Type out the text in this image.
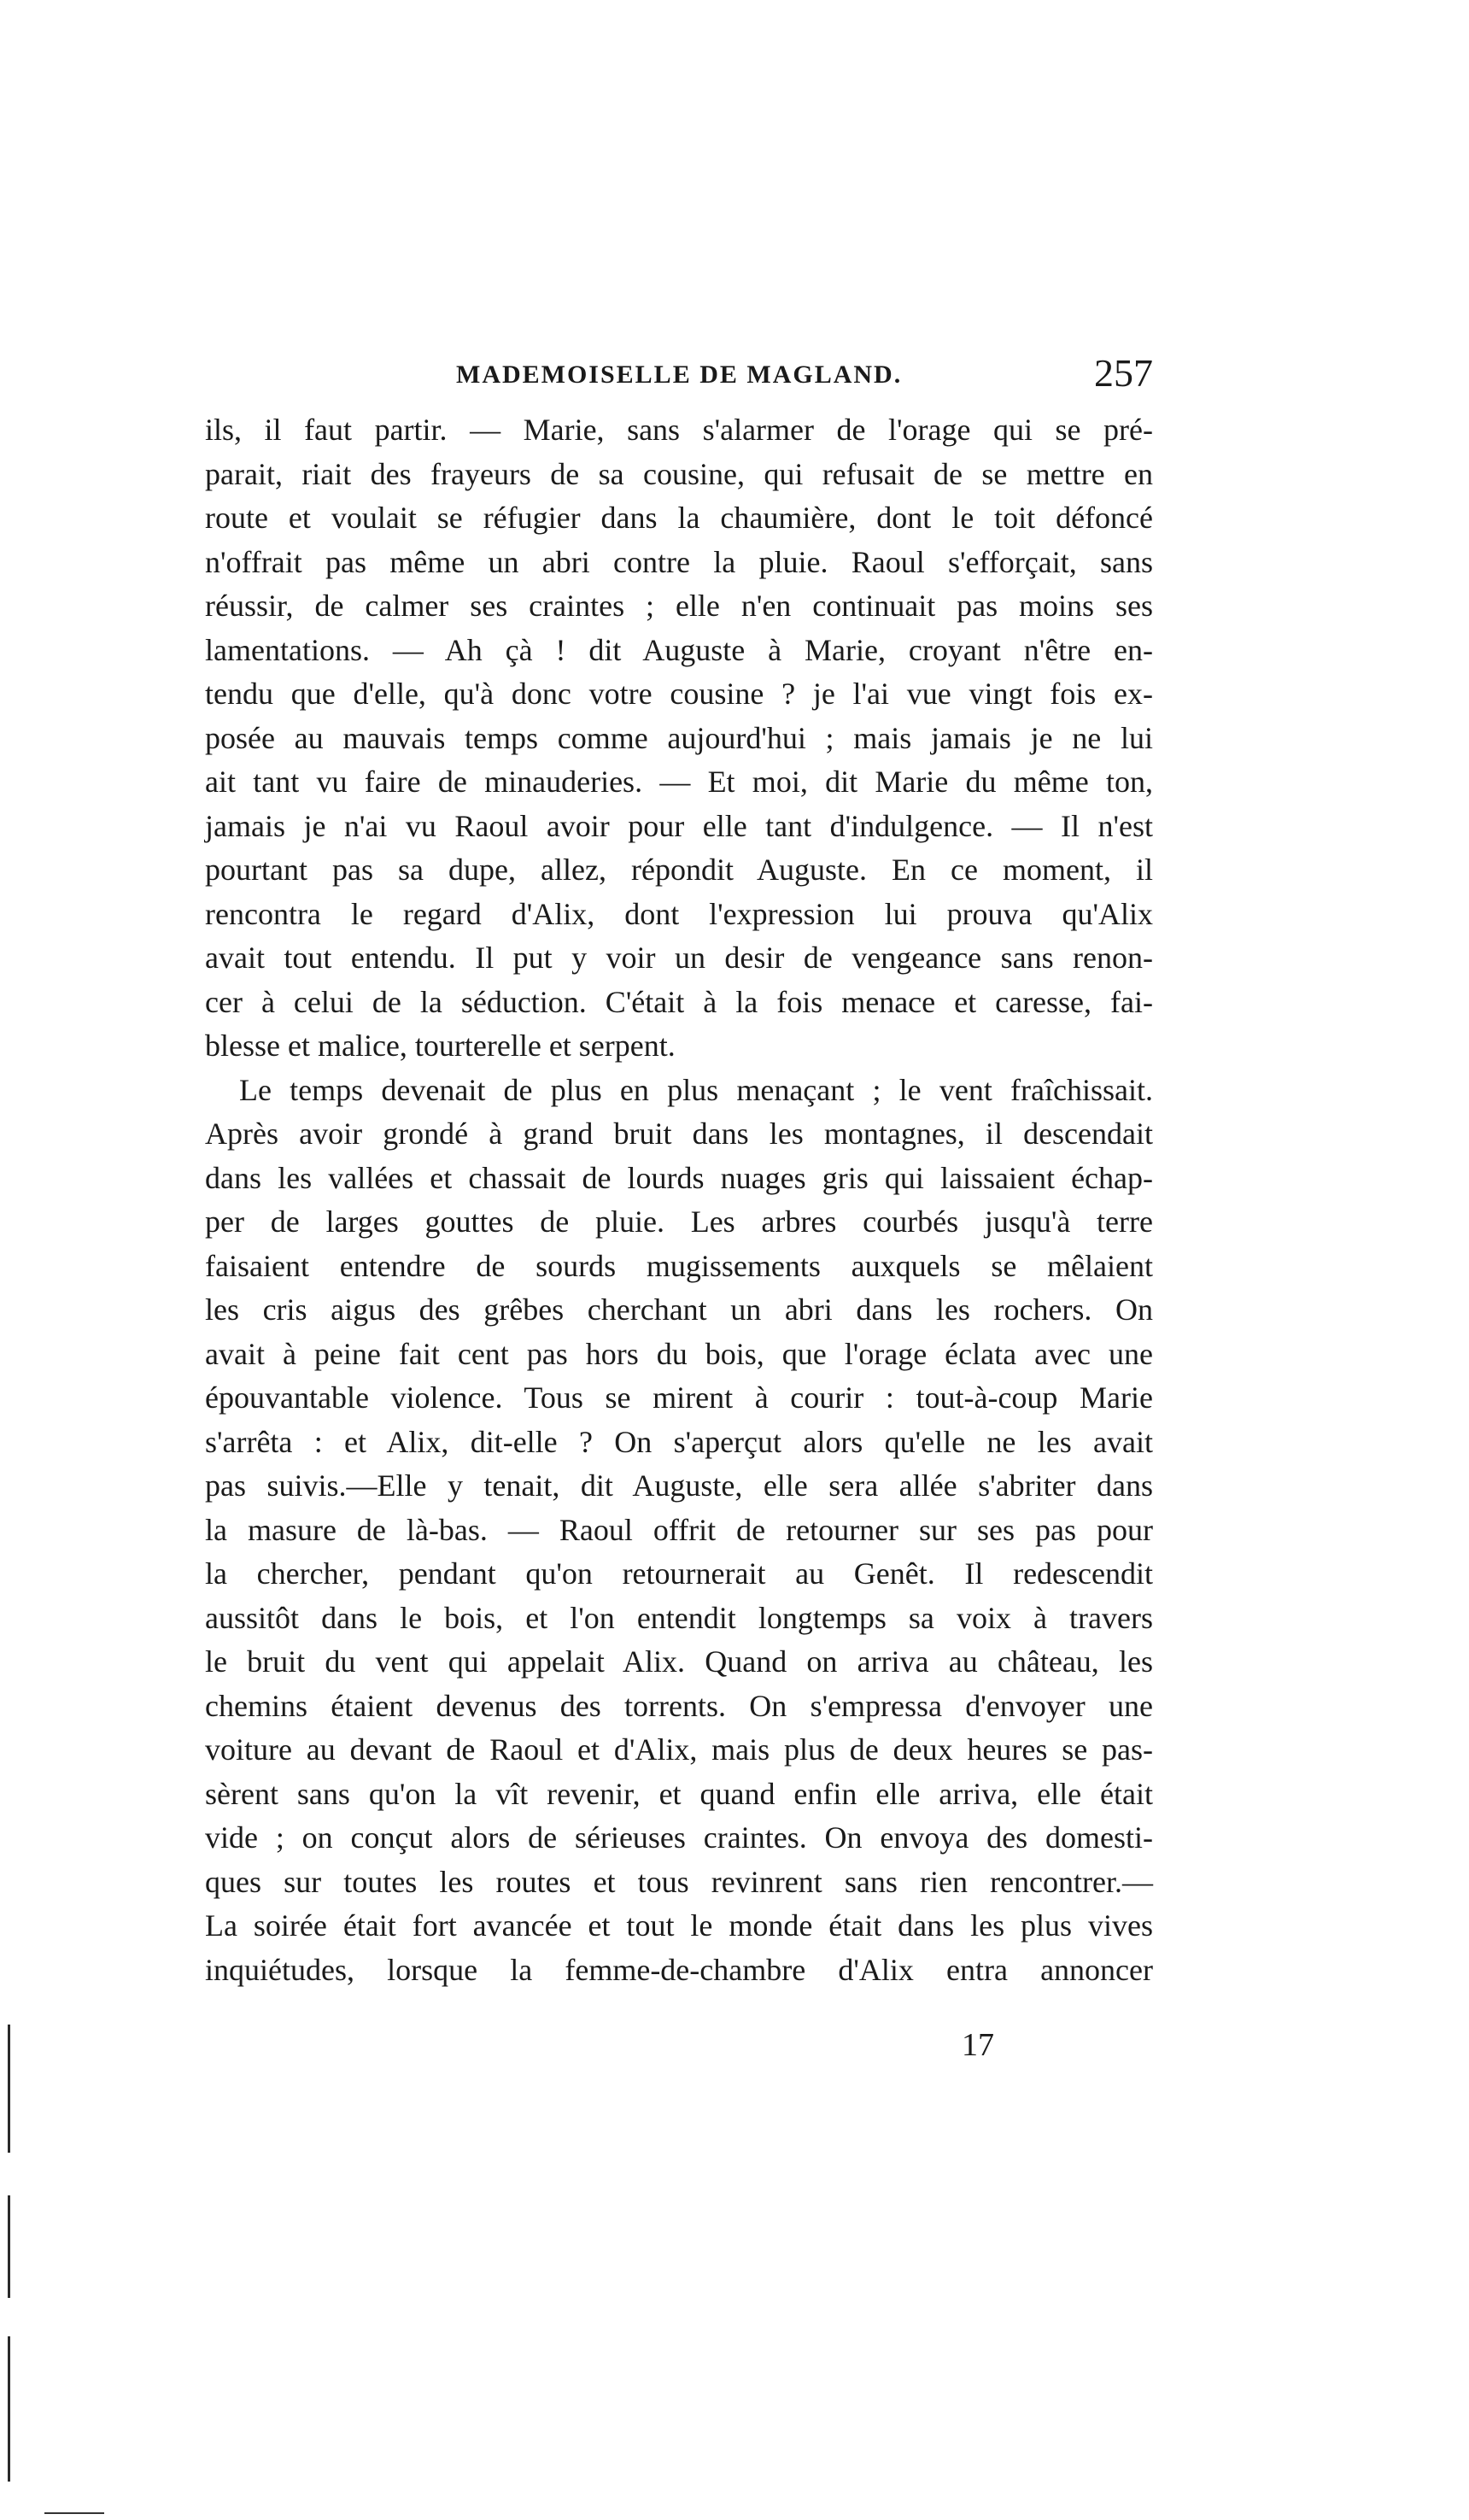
MADEMOISELLE DE MAGLAND.	257
ils, il faut partir. — Marie, sans s'alarmer de l'orage qui se pré-
parait, riait des frayeurs de sa cousine, qui refusait de se mettre en
route et voulait se réfugier dans la chaumière, dont le toit défoncé
n'offrait pas même un abri contre la pluie. Raoul s'efforçait, sans
réussir, de calmer ses craintes ; elle n'en continuait pas moins ses
lamentations. — Ah çà ! dit Auguste à Marie, croyant n'être en-
tendu que d'elle, qu'à donc votre cousine ? je l'ai vue vingt fois ex-
posée au mauvais temps comme aujourd'hui ; mais jamais je ne lui
ait tant vu faire de minauderies. — Et moi, dit Marie du même ton,
jamais je n'ai vu Raoul avoir pour elle tant d'indulgence. — Il n'est
pourtant pas sa dupe, allez, répondit Auguste. En ce moment, il
rencontra le regard d'Alix, dont l'expression lui prouva qu'Alix
avait tout entendu. Il put y voir un desir de vengeance sans renon-
cer à celui de la séduction. C'était à la fois menace et caresse, fai-
blesse et malice, tourterelle et serpent.
Le temps devenait de plus en plus menaçant ; le vent fraîchissait.
Après avoir grondé à grand bruit dans les montagnes, il descendait
dans les vallées et chassait de lourds nuages gris qui laissaient échap-
per de larges gouttes de pluie. Les arbres courbés jusqu'à terre
faisaient entendre de sourds mugissements auxquels se mêlaient
les cris aigus des grêbes cherchant un abri dans les rochers. On
avait à peine fait cent pas hors du bois, que l'orage éclata avec une
épouvantable violence. Tous se mirent à courir : tout-à-coup Marie
s'arrêta : et Alix, dit-elle ? On s'aperçut alors qu'elle ne les avait
pas suivis.—Elle y tenait, dit Auguste, elle sera allée s'abriter dans
la masure de là-bas. — Raoul offrit de retourner sur ses pas pour
la chercher, pendant qu'on retournerait au Genêt. Il redescendit
aussitôt dans le bois, et l'on entendit longtemps sa voix à travers
le bruit du vent qui appelait Alix. Quand on arriva au château, les
chemins étaient devenus des torrents. On s'empressa d'envoyer une
voiture au devant de Raoul et d'Alix, mais plus de deux heures se pas-
sèrent sans qu'on la vît revenir, et quand enfin elle arriva, elle était
vide ; on conçut alors de sérieuses craintes. On envoya des domesti-
ques sur toutes les routes et tous revinrent sans rien rencontrer.—
La soirée était fort avancée et tout le monde était dans les plus vives
inquiétudes, lorsque la femme-de-chambre d'Alix entra annoncer
17
